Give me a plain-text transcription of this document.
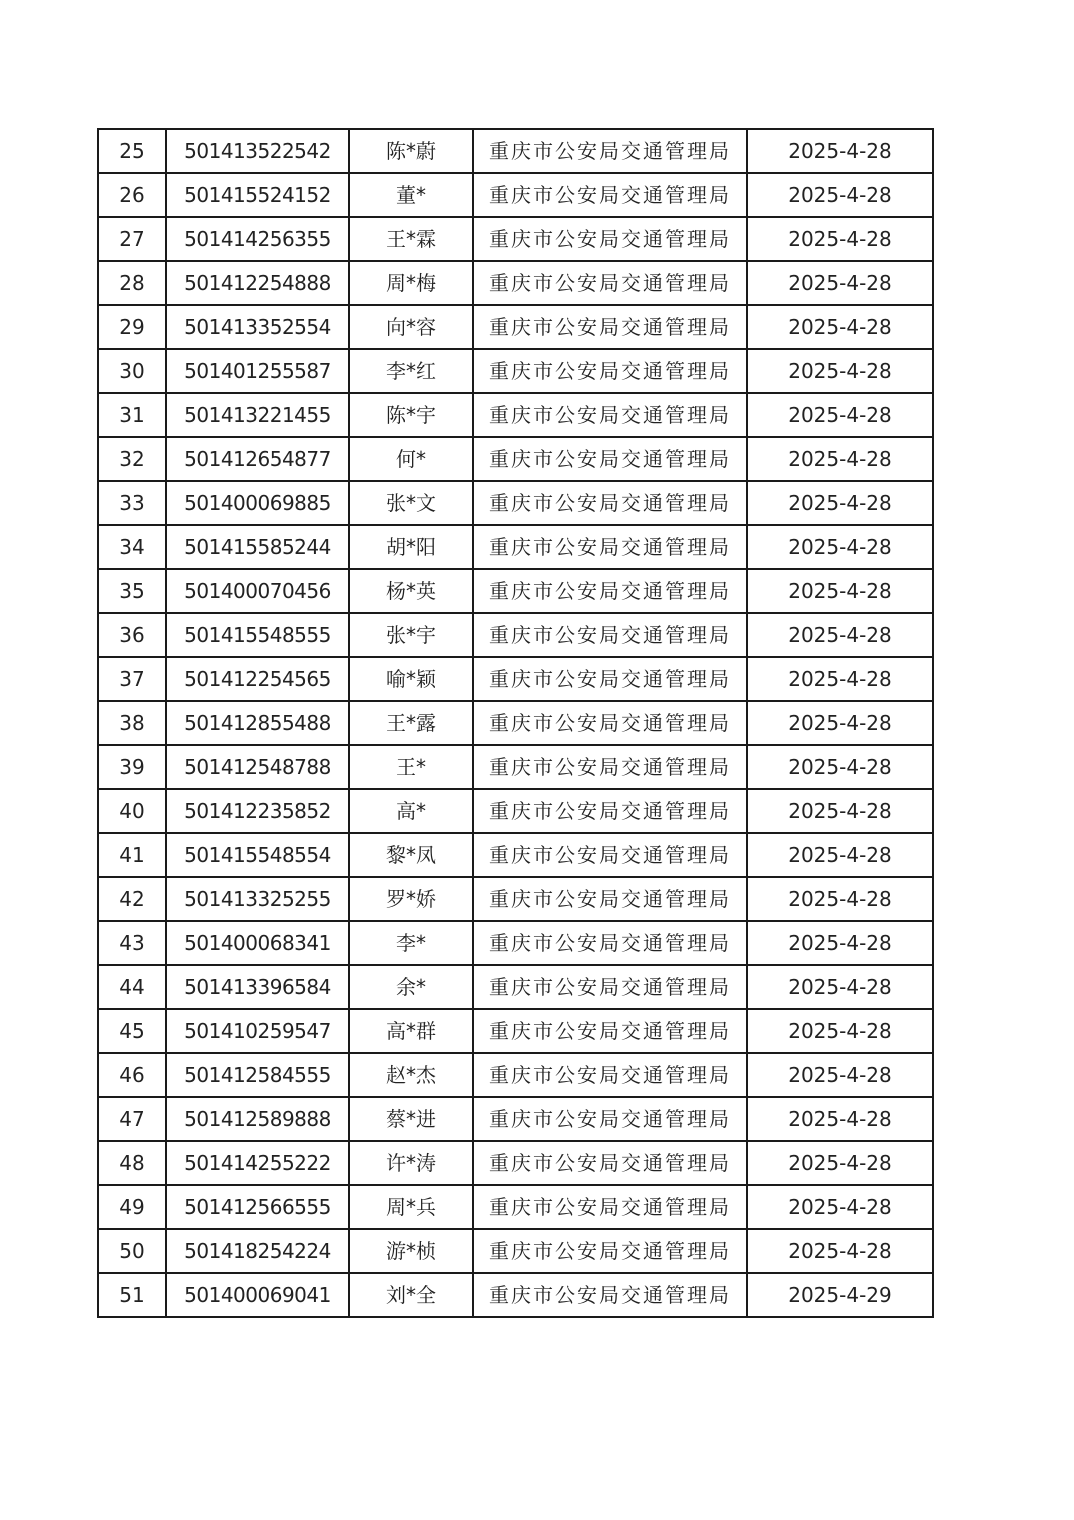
25	501413522542	陈*蔚	重庆市公安局交通管理局	2025-4-28
26	501415524152	董*	重庆市公安局交通管理局	2025-4-28
27	501414256355	王*霖	重庆市公安局交通管理局	2025-4-28
28	501412254888	周*梅	重庆市公安局交通管理局	2025-4-28
29	501413352554	向*容	重庆市公安局交通管理局	2025-4-28
30	501401255587	李*红	重庆市公安局交通管理局	2025-4-28
31	501413221455	陈*宇	重庆市公安局交通管理局	2025-4-28
32	501412654877	何*	重庆市公安局交通管理局	2025-4-28
33	501400069885	张*文	重庆市公安局交通管理局	2025-4-28
34	501415585244	胡*阳	重庆市公安局交通管理局	2025-4-28
35	501400070456	杨*英	重庆市公安局交通管理局	2025-4-28
36	501415548555	张*宇	重庆市公安局交通管理局	2025-4-28
37	501412254565	喻*颖	重庆市公安局交通管理局	2025-4-28
38	501412855488	王*露	重庆市公安局交通管理局	2025-4-28
39	501412548788	王*	重庆市公安局交通管理局	2025-4-28
40	501412235852	高*	重庆市公安局交通管理局	2025-4-28
41	501415548554	黎*凤	重庆市公安局交通管理局	2025-4-28
42	501413325255	罗*娇	重庆市公安局交通管理局	2025-4-28
43	501400068341	李*	重庆市公安局交通管理局	2025-4-28
44	501413396584	余*	重庆市公安局交通管理局	2025-4-28
45	501410259547	高*群	重庆市公安局交通管理局	2025-4-28
46	501412584555	赵*杰	重庆市公安局交通管理局	2025-4-28
47	501412589888	蔡*进	重庆市公安局交通管理局	2025-4-28
48	501414255222	许*涛	重庆市公安局交通管理局	2025-4-28
49	501412566555	周*兵	重庆市公安局交通管理局	2025-4-28
50	501418254224	游*桢	重庆市公安局交通管理局	2025-4-28
51	501400069041	刘*全	重庆市公安局交通管理局	2025-4-29
